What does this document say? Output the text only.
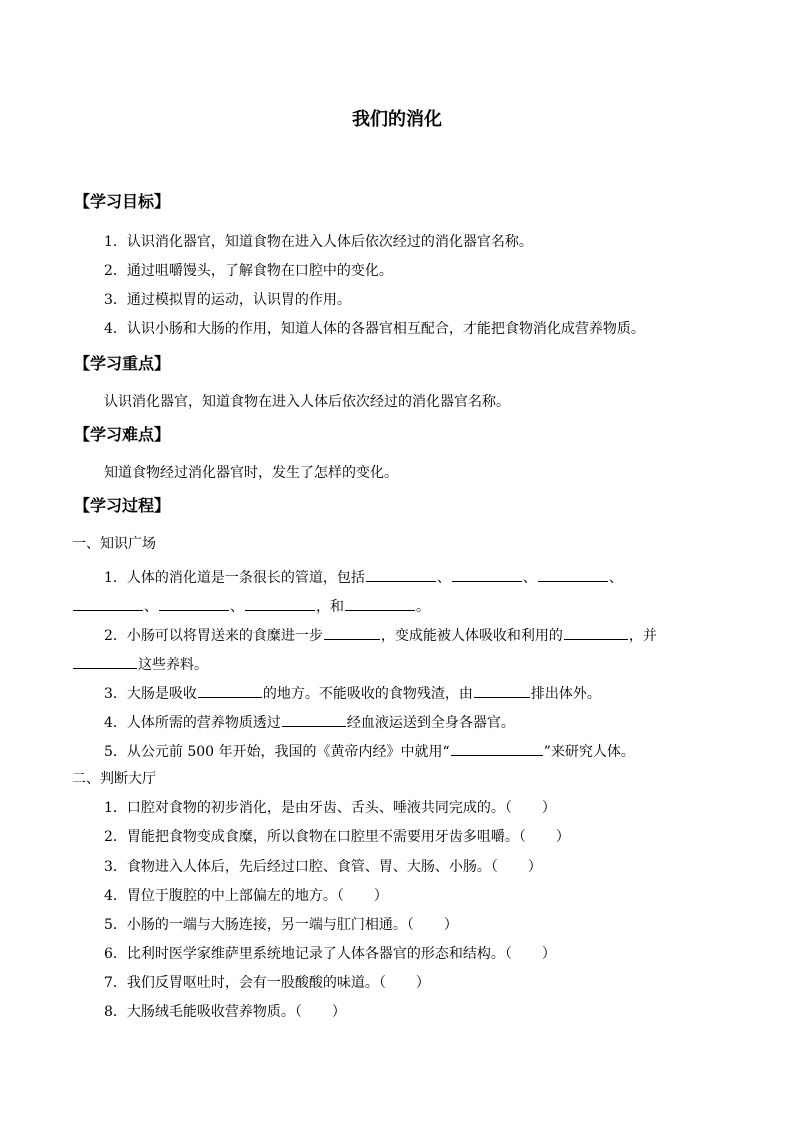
我们的消化
【学习目标】
1．认识消化器官，知道食物在进入人体后依次经过的消化器官名称。
2．通过咀嚼馒头，了解食物在口腔中的变化。
3．通过模拟胃的运动，认识胃的作用。
4．认识小肠和大肠的作用，知道人体的各器官相互配合，才能把食物消化成营养物质。
【学习重点】
认识消化器官，知道食物在进入人体后依次经过的消化器官名称。
【学习难点】
知道食物经过消化器官时，发生了怎样的变化。
【学习过程】
一、知识广场
1．人体的消化道是一条很长的管道，包括	、	、	、
、	、	，和	。
2．小肠可以将胃送来的食糜进一步	，变成能被人体吸收和利用的	，并
这些养料。
3．大肠是吸收	的地方。不能吸收的食物残渣，由	排出体外。
4．人体所需的营养物质透过	经血液运送到全身各器官。
5．从公元前 500 年开始，我国的《黄帝内经》中就用“	”来研究人体。
二、判断大厅
1．口腔对食物的初步消化，是由牙齿、舌头、唾液共同完成的。（ ）
2．胃能把食物变成食糜，所以食物在口腔里不需要用牙齿多咀嚼。（ ）
3．食物进入人体后，先后经过口腔、食管、胃、大肠、小肠。（ ）
4．胃位于腹腔的中上部偏左的地方。（ ）
5．小肠的一端与大肠连接，另一端与肛门相通。（ ）
6．比利时医学家维萨里系统地记录了人体各器官的形态和结构。（ ）
7．我们反胃呕吐时，会有一股酸酸的味道。（ ）
8．大肠绒毛能吸收营养物质。（ ）
